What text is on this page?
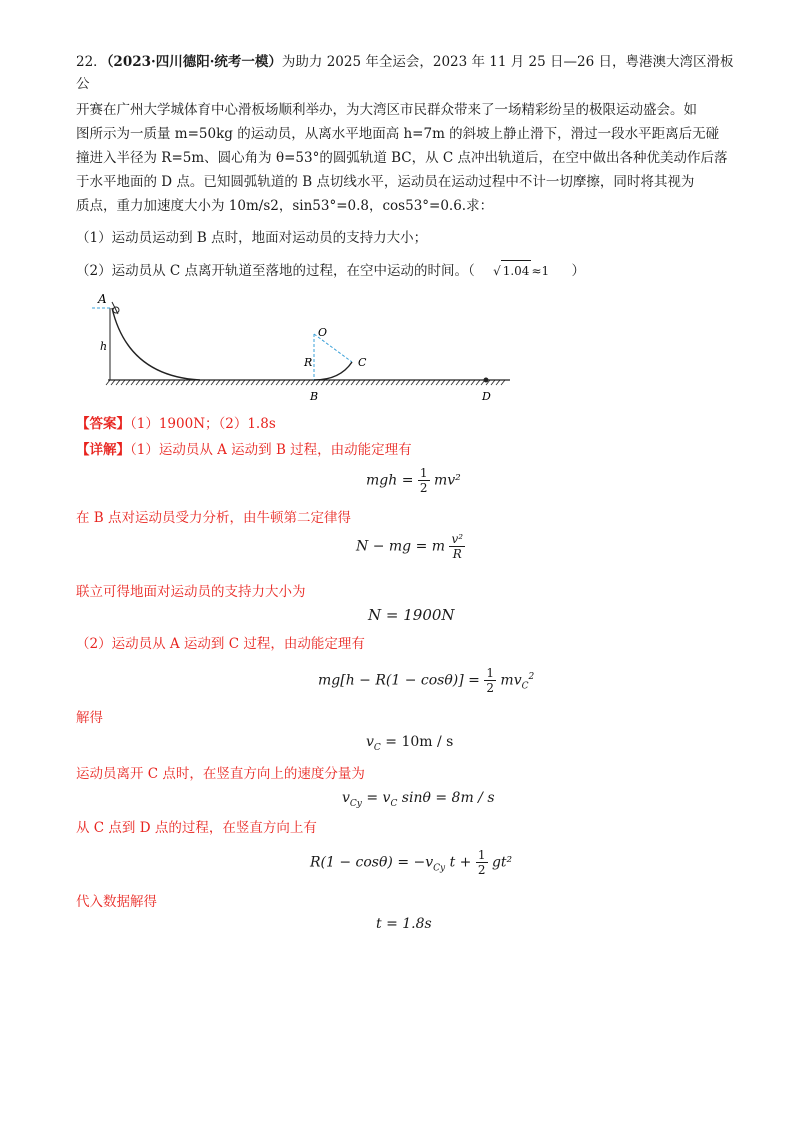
22．（2023·四川德阳·统考一模）为助力 2025 年全运会，2023 年 11 月 25 日—26 日，粤港澳大湾区滑板
公
开赛在广州大学城体育中心滑板场顺利举办，为大湾区市民群众带来了一场精彩纷呈的极限运动盛会。如
图所示为一质量 m=50kg 的运动员，从离水平地面高 h=7m 的斜坡上静止滑下，滑过一段水平距离后无碰
撞进入半径为 R=5m、圆心角为 θ=53°的圆弧轨道 BC，从 C 点冲出轨道后，在空中做出各种优美动作后落
于水平地面的 D 点。已知圆弧轨道的 B 点切线水平，运动员在运动过程中不计一切摩擦，同时将其视为
质点，重力加速度大小为 10m/s2，sin53°=0.8，cos53°=0.6.求：
（1）运动员运动到 B 点时，地面对运动员的支持力大小；
（2）运动员从 C 点离开轨道至落地的过程，在空中运动的时间。（ √ 1.04 ≈1 ）
A
h
O
R	C
B	D
【答案】（1）1900N；（2）1.8s
【详解】（1）运动员从 A 运动到 B 过程，由动能定理有
mgh = $\frac{1}{2} mv^2$
在 B 点对运动员受力分析，由牛顿第二定律得
N − mg = m $\frac{\text{v²}}{R}$
联立可得地面对运动员的支持力大小为
N = 1900N
（2）运动员从 A 运动到 C 过程，由动能定理有
$mg[h - R(1 - \cos\theta)] = \frac{1}{2} mv_C^2$
解得
$v_C = 10m / s$
运动员离开 C 点时，在竖直方向上的速度分量为
$v_{Cy} = v_C$ sinθ = 8m / s
从 C 点到 D 点的过程，在竖直方向上有
$R(1 - \cos\theta) = -v_{Cy}$ $t + \frac{1}{2} gt^2$
代入数据解得
t = 1.8s
